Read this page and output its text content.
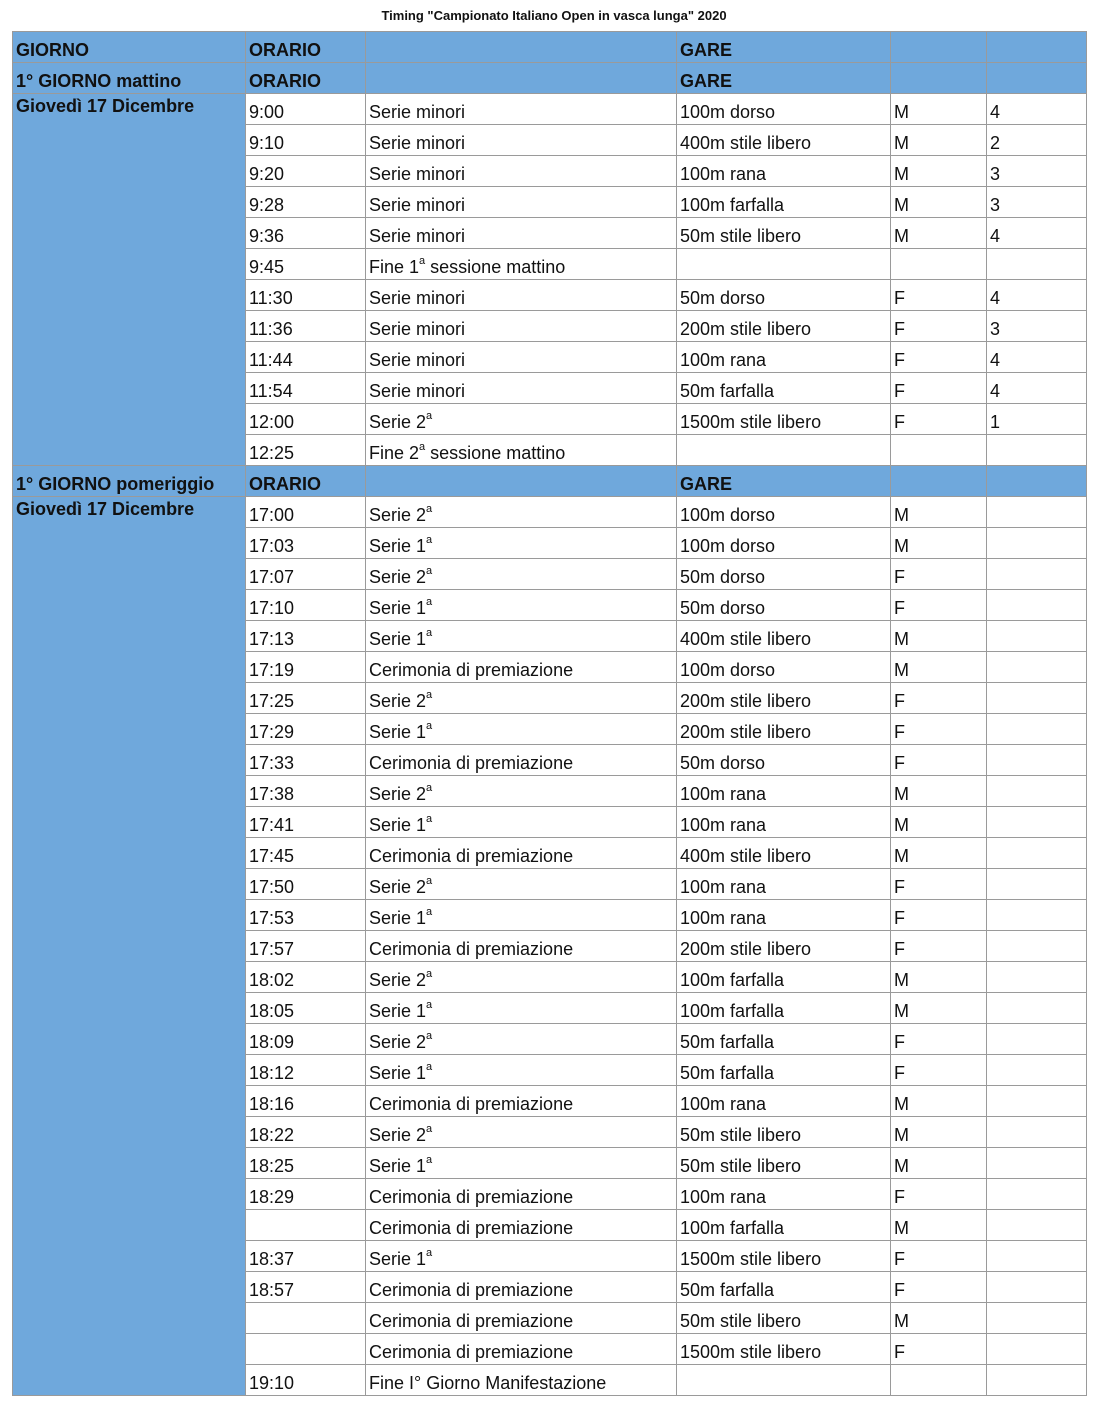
Timing "Campionato Italiano Open in vasca lunga" 2020
GIORNO	ORARIO		GARE		
1° GIORNO mattino	ORARIO		GARE		

Giovedì 17 Dicembre	9:00	Serie minori	100m dorso	M	4
	9:10	Serie minori	400m stile libero	M	2
	9:20	Serie minori	100m rana	M	3
	9:28	Serie minori	100m farfalla	M	3
	9:36	Serie minori	50m stile libero	M	4
	9:45	Fine 1$^a$ sessione mattino			
	11:30	Serie minori	50m dorso	F	4
	11:36	Serie minori	200m stile libero	F	3
	11:44	Serie minori	100m rana	F	4
	11:54	Serie minori	50m farfalla	F	4
	12:00	Serie 2$^a$	1500m stile libero	F	1
	12:25	Fine 2$^a$ sessione mattino			
1° GIORNO pomeriggio	ORARIO		GARE		

Giovedì 17 Dicembre	17:00	Serie 2$^a$	100m dorso	M	
	17:03	Serie 1$^a$	100m dorso	M	
	17:07	Serie 2$^a$	50m dorso	F	
	17:10	Serie 1$^a$	50m dorso	F	
	17:13	Serie 1$^a$	400m stile libero	M	
	17:19	Cerimonia di premiazione	100m dorso	M	
	17:25	Serie 2$^a$	200m stile libero	F	
	17:29	Serie 1$^a$	200m stile libero	F	
	17:33	Cerimonia di premiazione	50m dorso	F	
	17:38	Serie 2$^a$	100m rana	M	
	17:41	Serie 1$^a$	100m rana	M	
	17:45	Cerimonia di premiazione	400m stile libero	M	
	17:50	Serie 2$^a$	100m rana	F	
	17:53	Serie 1$^a$	100m rana	F	
	17:57	Cerimonia di premiazione	200m stile libero	F	
	18:02	Serie 2$^a$	100m farfalla	M	
	18:05	Serie 1$^a$	100m farfalla	M	
	18:09	Serie 2$^a$	50m farfalla	F	
	18:12	Serie 1$^a$	50m farfalla	F	
	18:16	Cerimonia di premiazione	100m rana	M	
	18:22	Serie 2$^a$	50m stile libero	M	
	18:25	Serie 1$^a$	50m stile libero	M	
	18:29	Cerimonia di premiazione	100m rana	F	
		Cerimonia di premiazione	100m farfalla	M	
	18:37	Serie 1$^a$	1500m stile libero	F	
	18:57	Cerimonia di premiazione	50m farfalla	F	
		Cerimonia di premiazione	50m stile libero	M	
		Cerimonia di premiazione	1500m stile libero	F	
	19:10	Fine I° Giorno Manifestazione			
